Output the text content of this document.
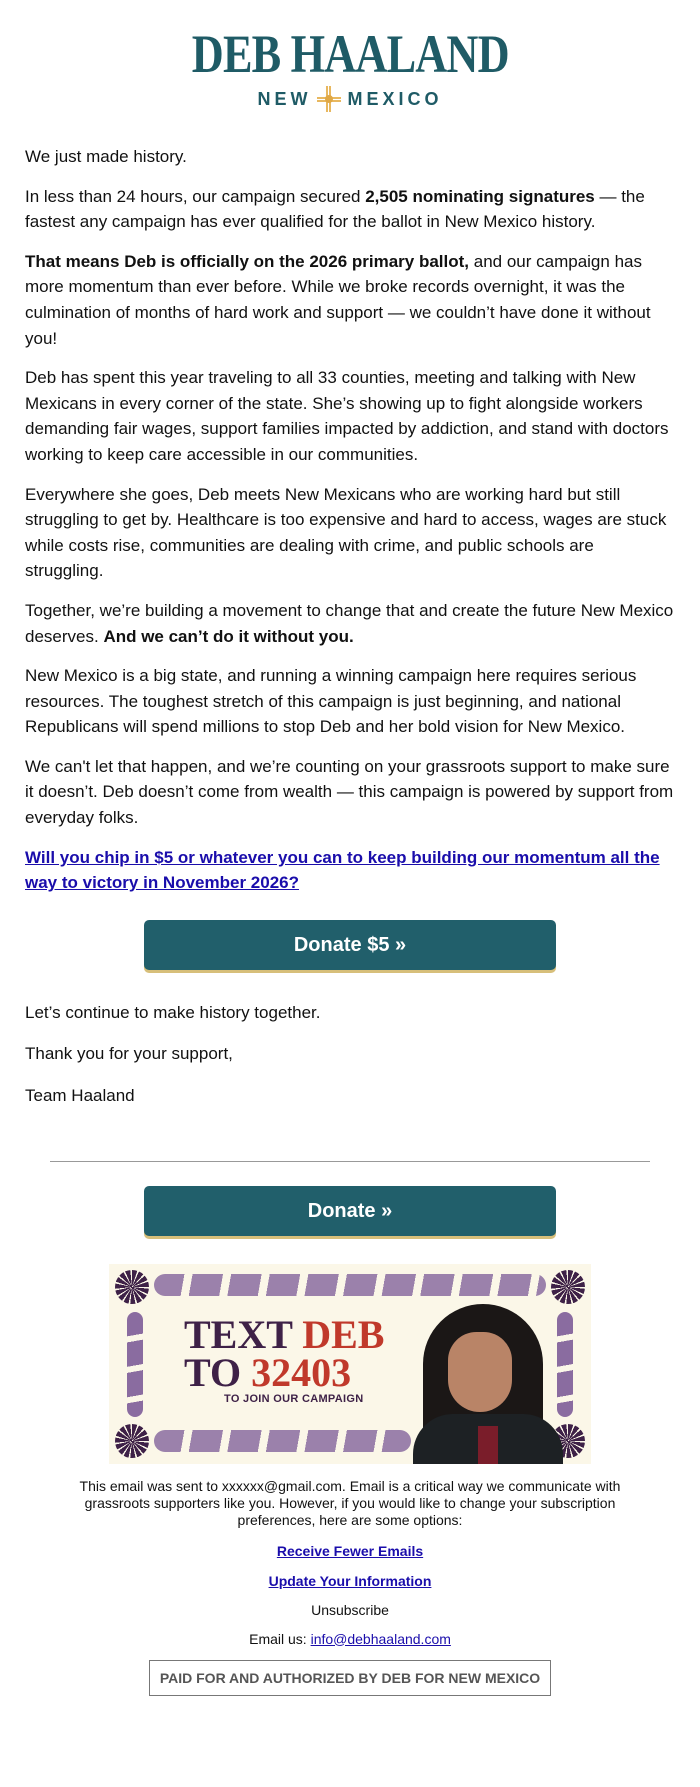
DEB HAALAND
NEW MEXICO

We just made history.

In less than 24 hours, our campaign secured 2,505 nominating signatures — the fastest any campaign has ever qualified for the ballot in New Mexico history.

That means Deb is officially on the 2026 primary ballot, and our campaign has more momentum than ever before. While we broke records overnight, it was the culmination of months of hard work and support — we couldn’t have done it without you!

Deb has spent this year traveling to all 33 counties, meeting and talking with New Mexicans in every corner of the state. She’s showing up to fight alongside workers demanding fair wages, support families impacted by addiction, and stand with doctors working to keep care accessible in our communities.

Everywhere she goes, Deb meets New Mexicans who are working hard but still struggling to get by. Healthcare is too expensive and hard to access, wages are stuck while costs rise, communities are dealing with crime, and public schools are struggling.

Together, we’re building a movement to change that and create the future New Mexico deserves. And we can’t do it without you.

New Mexico is a big state, and running a winning campaign here requires serious resources. The toughest stretch of this campaign is just beginning, and national Republicans will spend millions to stop Deb and her bold vision for New Mexico.

We can't let that happen, and we’re counting on your grassroots support to make sure it doesn’t. Deb doesn’t come from wealth — this campaign is powered by support from everyday folks.

Will you chip in $5 or whatever you can to keep building our momentum all the way to victory in November 2026?

Donate $5 »

Let’s continue to make history together.

Thank you for your support,

Team Haaland

Donate »
TEXT DEB
TO 32403
TO JOIN OUR CAMPAIGN

This email was sent to xxxxxx@gmail.com. Email is a critical way we communicate with grassroots supporters like you. However, if you would like to change your subscription preferences, here are some options:

Receive Fewer Emails

Update Your Information

Unsubscribe

Email us: info@debhaaland.com

PAID FOR AND AUTHORIZED BY DEB FOR NEW MEXICO
